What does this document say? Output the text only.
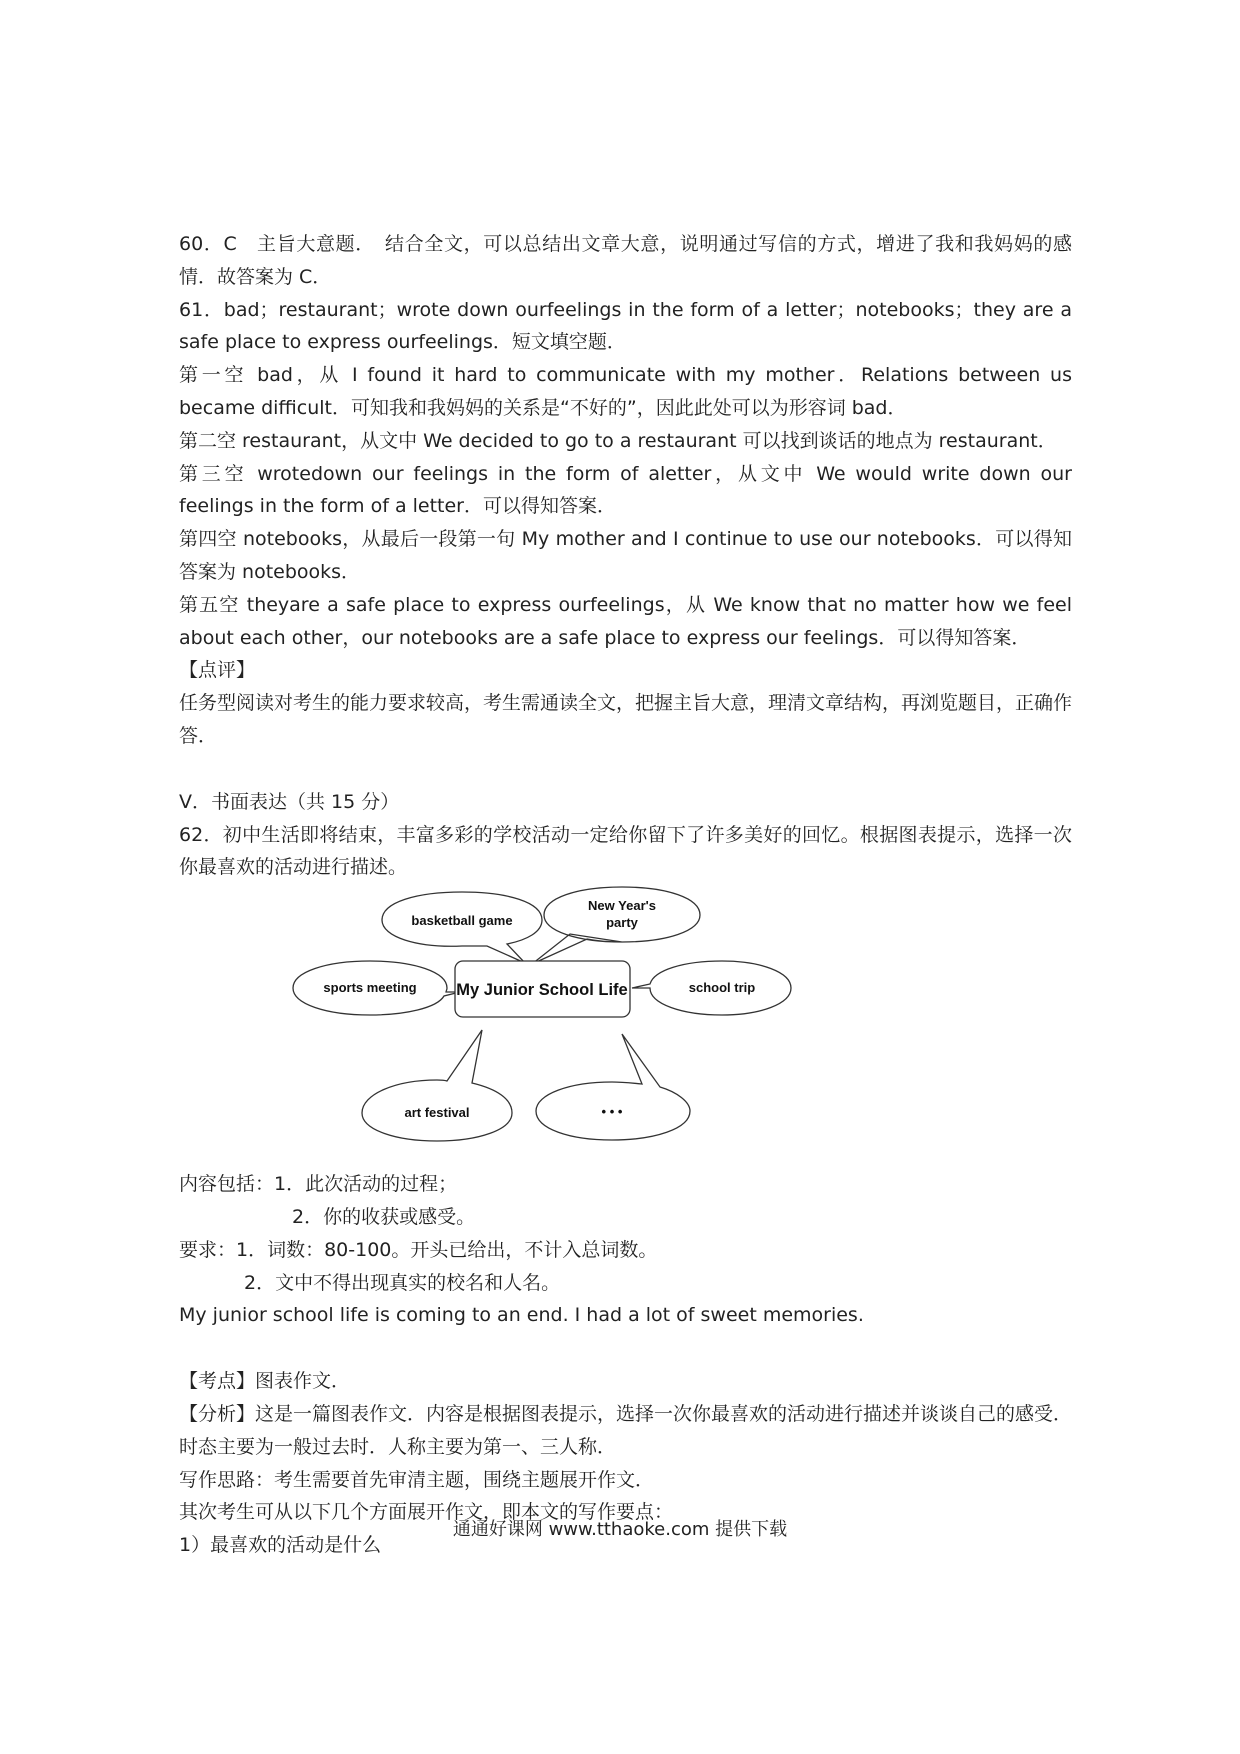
60．C　主旨大意题．　结合全文，可以总结出文章大意，说明通过写信的方式，增进了我和我妈妈的感情．故答案为 C．

61．bad；restaurant；wrote down ourfeelings in the form of a letter；notebooks；they are a safe place to express ourfeelings．短文填空题．

第一空 bad，从 I found it hard to communicate with my mother．Relations between us became difficult．可知我和我妈妈的关系是“不好的”，因此此处可以为形容词 bad．

第二空 restaurant，从文中 We decided to go to a restaurant 可以找到谈话的地点为 restaurant．

第三空 wrotedown our feelings in the form of aletter，从文中 We would write down our feelings in the form of a letter．可以得知答案．

第四空 notebooks，从最后一段第一句 My mother and I continue to use our notebooks．可以得知答案为 notebooks．

第五空 theyare a safe place to express ourfeelings，从 We know that no matter how we feel about each other，our notebooks are a safe place to express our feelings．可以得知答案．

【点评】

任务型阅读对考生的能力要求较高，考生需通读全文，把握主旨大意，理清文章结构，再浏览题目，正确作答．

V．书面表达（共 15 分）

62．初中生活即将结束，丰富多彩的学校活动一定给你留下了许多美好的回忆。根据图表提示，选择一次你最喜欢的活动进行描述。

My Junior School Life
basketball game
New Year's
party
sports meeting	school trip
art festival	• • •

内容包括：1．此次活动的过程；

2．你的收获或感受。

要求：1．词数：80-100。开头已给出，不计入总词数。

2．文中不得出现真实的校名和人名。

My junior school life is coming to an end. I had a lot of sweet memories.

【考点】图表作文．

【分析】这是一篇图表作文．内容是根据图表提示，选择一次你最喜欢的活动进行描述并谈谈自己的感受．时态主要为一般过去时．人称主要为第一、三人称．

写作思路：考生需要首先审清主题，围绕主题展开作文．

其次考生可从以下几个方面展开作文，即本文的写作要点：

1）最喜欢的活动是什么

通通好课网 www.tthaoke.com 提供下载
